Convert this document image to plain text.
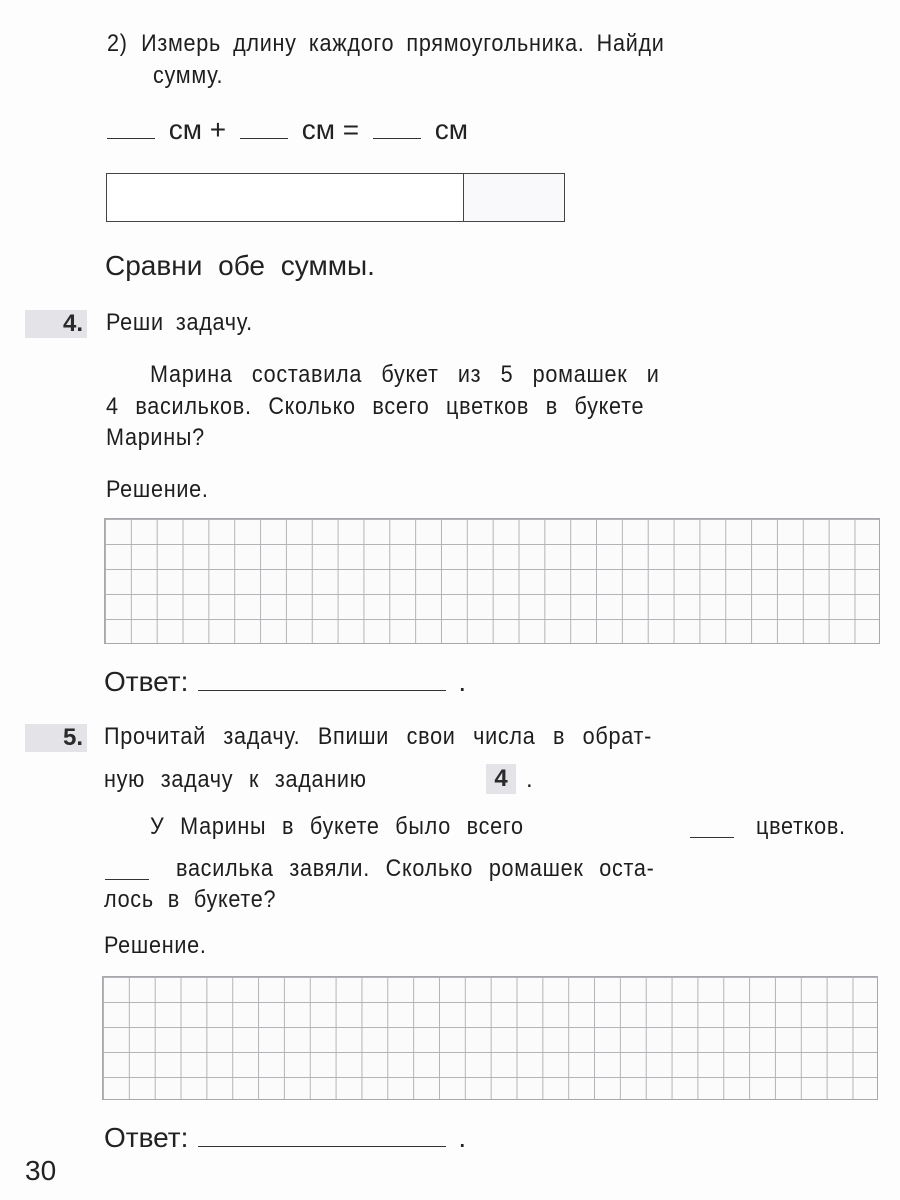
2) Измерь длину каждого прямоугольника. Найди
сумму.
см +	см =	см
Сравни обе суммы.
4. Реши задачу.
Марина составила букет из 5 ромашек и
4 васильков. Сколько всего цветков в букете
Марины?
Решение.
Ответ:	.
5. Прочитай задачу. Впиши свои числа в обрат-
ную задачу к заданию	4 .
У Марины в букете было всего	цветков.
василька завяли. Сколько ромашек оста-
лось в букете?
Решение.
Ответ:	.
30
